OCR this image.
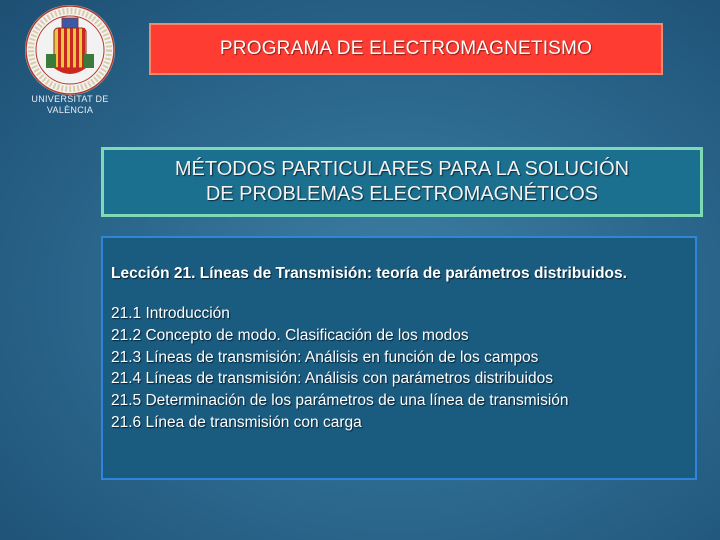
UNIVERSITAT DE
VALÈNCIA
PROGRAMA DE ELECTROMAGNETISMO
MÉTODOS PARTICULARES PARA LA SOLUCIÓN
DE PROBLEMAS ELECTROMAGNÉTICOS

Lección 21. Líneas de Transmisión: teoría de parámetros distribuidos.

21.1 Introducción
21.2 Concepto de modo. Clasificación de los modos
21.3 Líneas de transmisión: Análisis en función de los campos
21.4 Líneas de transmisión: Análisis con parámetros distribuidos
21.5 Determinación de los parámetros de una línea de transmisión
21.6 Línea de transmisión con carga
